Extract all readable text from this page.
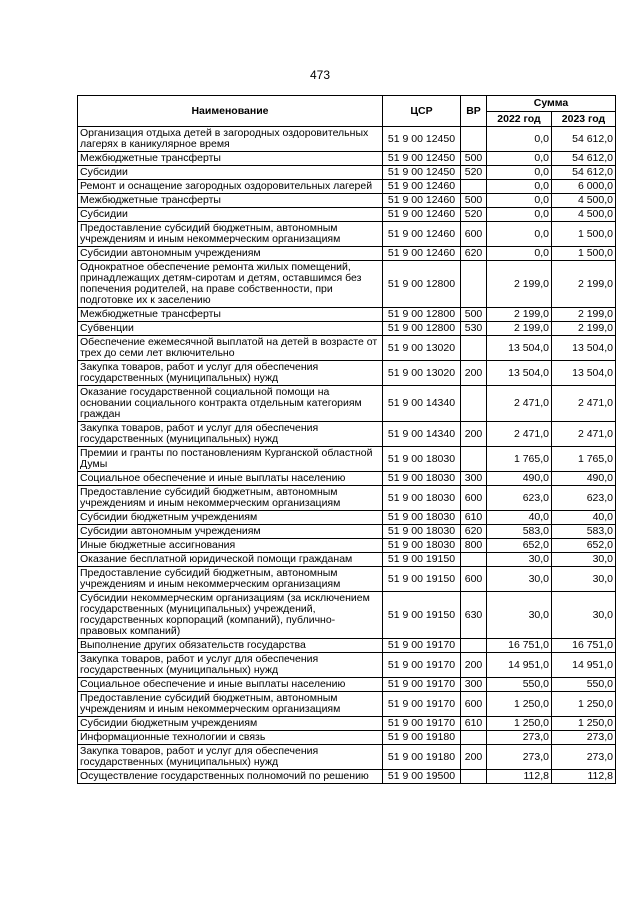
473
Наименование	ЦСР	ВР	Сумма	
			2022 год	2023 год
Организация отдыха детей в загородных оздоровительных лагерях в каникулярное время	51 9 00 12450		0,0	54 612,0
Межбюджетные трансферты	51 9 00 12450	500	0,0	54 612,0
Субсидии	51 9 00 12450	520	0,0	54 612,0
Ремонт и оснащение загородных оздоровительных лагерей	51 9 00 12460		0,0	6 000,0
Межбюджетные трансферты	51 9 00 12460	500	0,0	4 500,0
Субсидии	51 9 00 12460	520	0,0	4 500,0
Предоставление субсидий бюджетным, автономным учреждениям и иным некоммерческим организациям	51 9 00 12460	600	0,0	1 500,0
Субсидии автономным учреждениям	51 9 00 12460	620	0,0	1 500,0
Однократное обеспечение ремонта жилых помещений, принадлежащих детям-сиротам и детям, оставшимся без попечения родителей, на праве собственности, при подготовке их к заселению	51 9 00 12800		2 199,0	2 199,0
Межбюджетные трансферты	51 9 00 12800	500	2 199,0	2 199,0
Субвенции	51 9 00 12800	530	2 199,0	2 199,0
Обеспечение ежемесячной выплатой на детей в возрасте от трех до семи лет включительно	51 9 00 13020		13 504,0	13 504,0
Закупка товаров, работ и услуг для обеспечения государственных (муниципальных) нужд	51 9 00 13020	200	13 504,0	13 504,0
Оказание государственной социальной помощи на основании социального контракта отдельным категориям граждан	51 9 00 14340		2 471,0	2 471,0
Закупка товаров, работ и услуг для обеспечения государственных (муниципальных) нужд	51 9 00 14340	200	2 471,0	2 471,0
Премии и гранты по постановлениям Курганской областной Думы	51 9 00 18030		1 765,0	1 765,0
Социальное обеспечение и иные выплаты населению	51 9 00 18030	300	490,0	490,0
Предоставление субсидий бюджетным, автономным учреждениям и иным некоммерческим организациям	51 9 00 18030	600	623,0	623,0
Субсидии бюджетным учреждениям	51 9 00 18030	610	40,0	40,0
Субсидии автономным учреждениям	51 9 00 18030	620	583,0	583,0
Иные бюджетные ассигнования	51 9 00 18030	800	652,0	652,0
Оказание бесплатной юридической помощи гражданам	51 9 00 19150		30,0	30,0
Предоставление субсидий бюджетным, автономным учреждениям и иным некоммерческим организациям	51 9 00 19150	600	30,0	30,0
Субсидии некоммерческим организациям (за исключением государственных (муниципальных) учреждений, государственных корпораций (компаний), публично-правовых компаний)	51 9 00 19150	630	30,0	30,0
Выполнение других обязательств государства	51 9 00 19170		16 751,0	16 751,0
Закупка товаров, работ и услуг для обеспечения государственных (муниципальных) нужд	51 9 00 19170	200	14 951,0	14 951,0
Социальное обеспечение и иные выплаты населению	51 9 00 19170	300	550,0	550,0
Предоставление субсидий бюджетным, автономным учреждениям и иным некоммерческим организациям	51 9 00 19170	600	1 250,0	1 250,0
Субсидии бюджетным учреждениям	51 9 00 19170	610	1 250,0	1 250,0
Информационные технологии и связь	51 9 00 19180		273,0	273,0
Закупка товаров, работ и услуг для обеспечения государственных (муниципальных) нужд	51 9 00 19180	200	273,0	273,0
Осуществление государственных полномочий по решению	51 9 00 19500		112,8	112,8
